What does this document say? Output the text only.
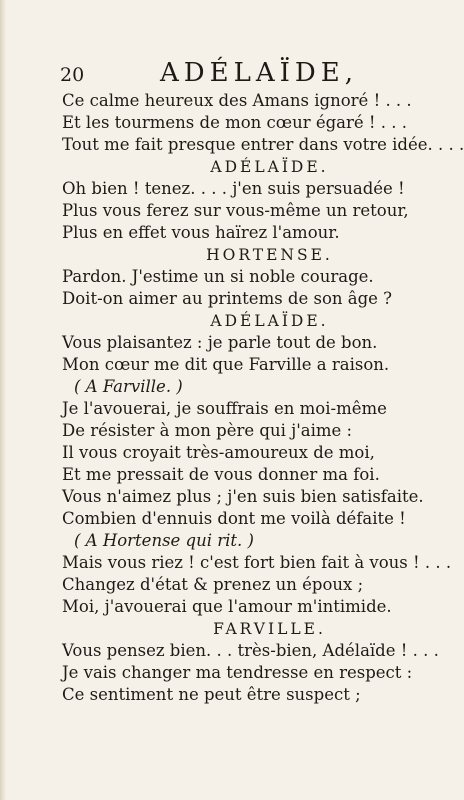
20	ADÉLAÏDE,
Ce calme heureux des Amans ignoré ! . . .
Et les tourmens de mon cœur égaré ! . . .
Tout me fait presque entrer dans votre idée. . . .
ADÉLAÏDE.
Oh bien ! tenez. . . . j'en suis persuadée !
Plus vous ferez sur vous-même un retour,
Plus en effet vous haïrez l'amour.
HORTENSE.
Pardon. J'estime un si noble courage.
Doit-on aimer au printems de son âge ?
ADÉLAÏDE.
Vous plaisantez : je parle tout de bon.
Mon cœur me dit que Farville a raison.
( A Farville. )
Je l'avouerai, je souffrais en moi-même
De résister à mon père qui j'aime :
Il vous croyait très-amoureux de moi,
Et me pressait de vous donner ma foi.
Vous n'aimez plus ; j'en suis bien satisfaite.
Combien d'ennuis dont me voilà défaite !
( A Hortense qui rit. )
Mais vous riez ! c'est fort bien fait à vous ! . . .
Changez d'état & prenez un époux ;
Moi, j'avouerai que l'amour m'intimide.
FARVILLE.
Vous pensez bien. . . très-bien, Adélaïde ! . . .
Je vais changer ma tendresse en respect :
Ce sentiment ne peut être suspect ;
